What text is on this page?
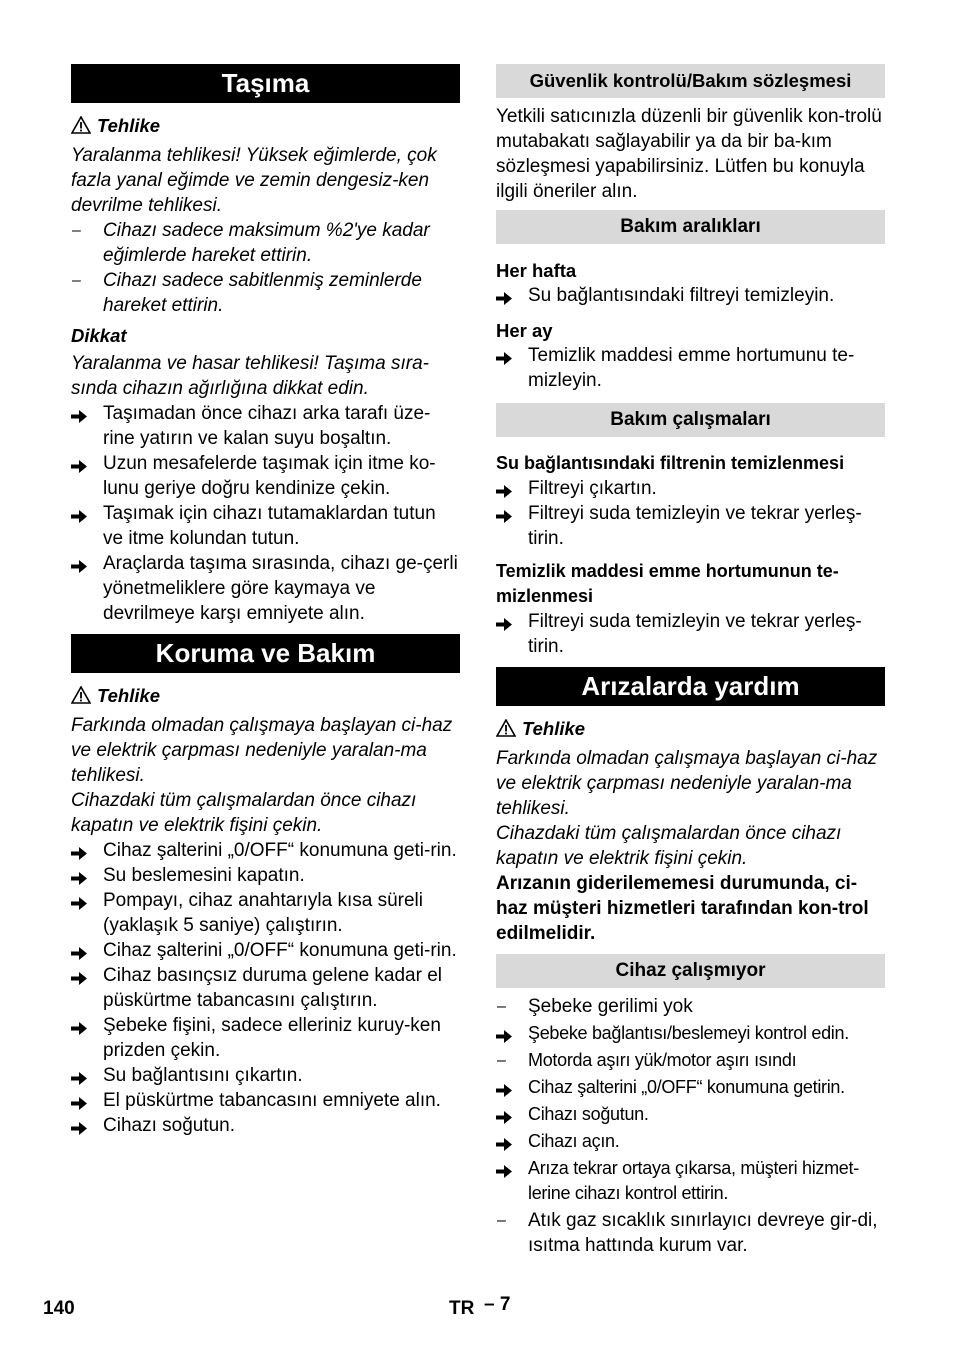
Taşıma
Tehlike
Yaralanma tehlikesi! Yüksek eğimlerde, çok fazla yanal eğimde ve zemin dengesiz-ken devrilme tehlikesi.
–	Cihazı sadece maksimum %2'ye kadar eğimlerde hareket ettirin.
–	Cihazı sadece sabitlenmiş zeminlerde hareket ettirin.
Dikkat
Yaralanma ve hasar tehlikesi! Taşıma sıra-sında cihazın ağırlığına dikkat edin.
Taşımadan önce cihazı arka tarafı üze-rine yatırın ve kalan suyu boşaltın.
Uzun mesafelerde taşımak için itme ko-lunu geriye doğru kendinize çekin.
Taşımak için cihazı tutamaklardan tutun ve itme kolundan tutun.
Araçlarda taşıma sırasında, cihazı ge-çerli yönetmeliklere göre kaymaya ve devrilmeye karşı emniyete alın.
Koruma ve Bakım
Tehlike
Farkında olmadan çalışmaya başlayan ci-haz ve elektrik çarpması nedeniyle yaralan-ma tehlikesi.
Cihazdaki tüm çalışmalardan önce cihazı kapatın ve elektrik fişini çekin.
Cihaz şalterini „0/OFF“ konumuna geti-rin.
Su beslemesini kapatın.
Pompayı, cihaz anahtarıyla kısa süreli (yaklaşık 5 saniye) çalıştırın.
Cihaz şalterini „0/OFF“ konumuna geti-rin.
Cihaz basınçsız duruma gelene kadar el püskürtme tabancasını çalıştırın.
Şebeke fişini, sadece elleriniz kuruy-ken prizden çekin.
Su bağlantısını çıkartın.
El püskürtme tabancasını emniyete alın.
Cihazı soğutun.
Güvenlik kontrolü/Bakım sözleşmesi
Yetkili satıcınızla düzenli bir güvenlik kon-trolü mutabakatı sağlayabilir ya da bir ba-kım sözleşmesi yapabilirsiniz. Lütfen bu konuyla ilgili öneriler alın.
Bakım aralıkları
Her hafta
Su bağlantısındaki filtreyi temizleyin.
Her ay
Temizlik maddesi emme hortumunu te-mizleyin.
Bakım çalışmaları
Su bağlantısındaki filtrenin temizlenmesi
Filtreyi çıkartın.
Filtreyi suda temizleyin ve tekrar yerleş-tirin.
Temizlik maddesi emme hortumunun te-mizlenmesi
Filtreyi suda temizleyin ve tekrar yerleş-tirin.
Arızalarda yardım
Tehlike
Farkında olmadan çalışmaya başlayan ci-haz ve elektrik çarpması nedeniyle yaralan-ma tehlikesi.
Cihazdaki tüm çalışmalardan önce cihazı kapatın ve elektrik fişini çekin.
Arızanın giderilememesi durumunda, ci-haz müşteri hizmetleri tarafından kon-trol edilmelidir.
Cihaz çalışmıyor
–	Şebeke gerilimi yok
Şebeke bağlantısı/beslemeyi kontrol edin.
–	Motorda aşırı yük/motor aşırı ısındı
Cihaz şalterini „0/OFF“ konumuna getirin.
Cihazı soğutun.
Cihazı açın.
Arıza tekrar ortaya çıkarsa, müşteri hizmet-lerine cihazı kontrol ettirin.
–	Atık gaz sıcaklık sınırlayıcı devreye gir-di, ısıtma hattında kurum var.
140	TR – 7
